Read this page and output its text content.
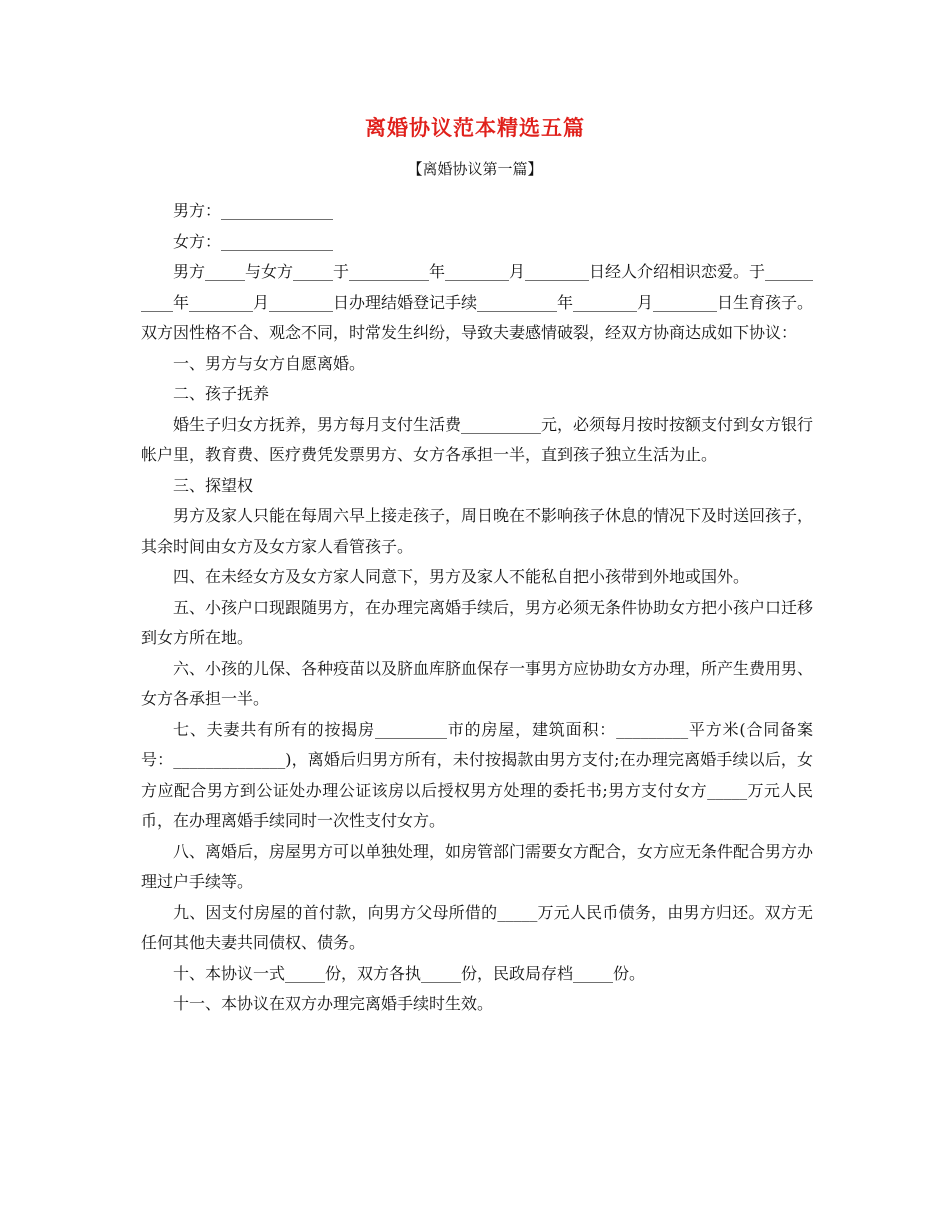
离婚协议范本精选五篇
【离婚协议第一篇】

男方：______________

女方：______________

男方_____与女方_____于__________年________月________日经人介绍相识恋爱。于__________年________月________日办理结婚登记手续__________年________月________日生育孩子。双方因性格不合、观念不同，时常发生纠纷，导致夫妻感情破裂，经双方协商达成如下协议：

一、男方与女方自愿离婚。

二、孩子抚养

婚生子归女方抚养，男方每月支付生活费__________元，必须每月按时按额支付到女方银行帐户里，教育费、医疗费凭发票男方、女方各承担一半，直到孩子独立生活为止。

三、探望权

男方及家人只能在每周六早上接走孩子，周日晚在不影响孩子休息的情况下及时送回孩子，其余时间由女方及女方家人看管孩子。

四、在未经女方及女方家人同意下，男方及家人不能私自把小孩带到外地或国外。

五、小孩户口现跟随男方，在办理完离婚手续后，男方必须无条件协助女方把小孩户口迁移到女方所在地。

六、小孩的儿保、各种疫苗以及脐血库脐血保存一事男方应协助女方办理，所产生费用男、女方各承担一半。

七、夫妻共有所有的按揭房_________市的房屋，建筑面积：_________平方米(合同备案号：______________)，离婚后归男方所有，未付按揭款由男方支付;在办理完离婚手续以后，女方应配合男方到公证处办理公证该房以后授权男方处理的委托书;男方支付女方_____万元人民币，在办理离婚手续同时一次性支付女方。

八、离婚后，房屋男方可以单独处理，如房管部门需要女方配合，女方应无条件配合男方办理过户手续等。

九、因支付房屋的首付款，向男方父母所借的_____万元人民币债务，由男方归还。双方无任何其他夫妻共同债权、债务。

十、本协议一式_____份，双方各执_____份，民政局存档_____份。

十一、本协议在双方办理完离婚手续时生效。
